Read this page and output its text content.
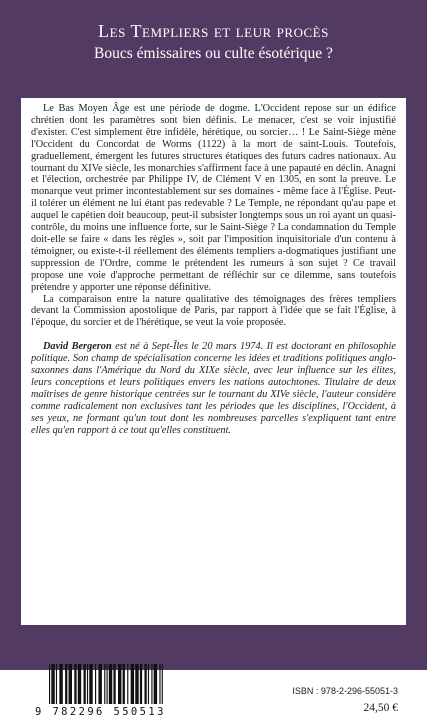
Les Templiers et leur procès
Boucs émissaires ou culte ésotérique ?

Le Bas Moyen Âge est une période de dogme. L'Occident repose sur un édifice chrétien dont les paramètres sont bien définis. Le menacer, c'est se voir injustifié d'exister. C'est simplement être infidèle, hérétique, ou sorcier… ! Le Saint-Siège mène l'Occident du Concordat de Worms (1122) à la mort de saint-Louis. Toutefois, graduellement, émergent les futures structures étatiques des futurs cadres nationaux. Au tournant du XIVe siècle, les monarchies s'affirment face à une papauté en déclin. Anagni et l'élection, orchestrée par Philippe IV, de Clément V en 1305, en sont la preuve. Le monarque veut primer incontestablement sur ses domaines - même face à l'Église. Peut-il tolérer un élément ne lui étant pas redevable ? Le Temple, ne répondant qu'au pape et auquel le capétien doit beaucoup, peut-il subsister longtemps sous un roi ayant un quasi-contrôle, du moins une influence forte, sur le Saint-Siège ? La condamnation du Temple doit-elle se faire « dans les règles », soit par l'imposition inquisitoriale d'un contenu à témoigner, ou existe-t-il réellement des éléments templiers a-dogmatiques justifiant une suppression de l'Ordre, comme le prétendent les rumeurs à son sujet ? Ce travail propose une voie d'approche permettant de réfléchir sur ce dilemme, sans toutefois prétendre y apporter une réponse définitive.

La comparaison entre la nature qualitative des témoignages des frères templiers devant la Commission apostolique de Paris, par rapport à l'idée que se fait l'Église, à l'époque, du sorcier et de l'hérétique, se veut la voie proposée.

David Bergeron est né à Sept-Îles le 20 mars 1974. Il est doctorant en philosophie politique. Son champ de spécialisation concerne les idées et traditions politiques anglo-saxonnes dans l'Amérique du Nord du XIXe siècle, avec leur influence sur les élites, leurs conceptions et leurs politiques envers les nations autochtones. Titulaire de deux maîtrises de genre historique centrées sur le tournant du XIVe siècle, l'auteur considère comme radicalement non exclusives tant les périodes que les disciplines, l'Occident, à ses yeux, ne formant qu'un tout dont les nombreuses parcelles s'expliquent tant entre elles qu'en rapport à ce tout qu'elles constituent.

9 782296 550513
ISBN : 978-2-296-55051-3
24,50 €
